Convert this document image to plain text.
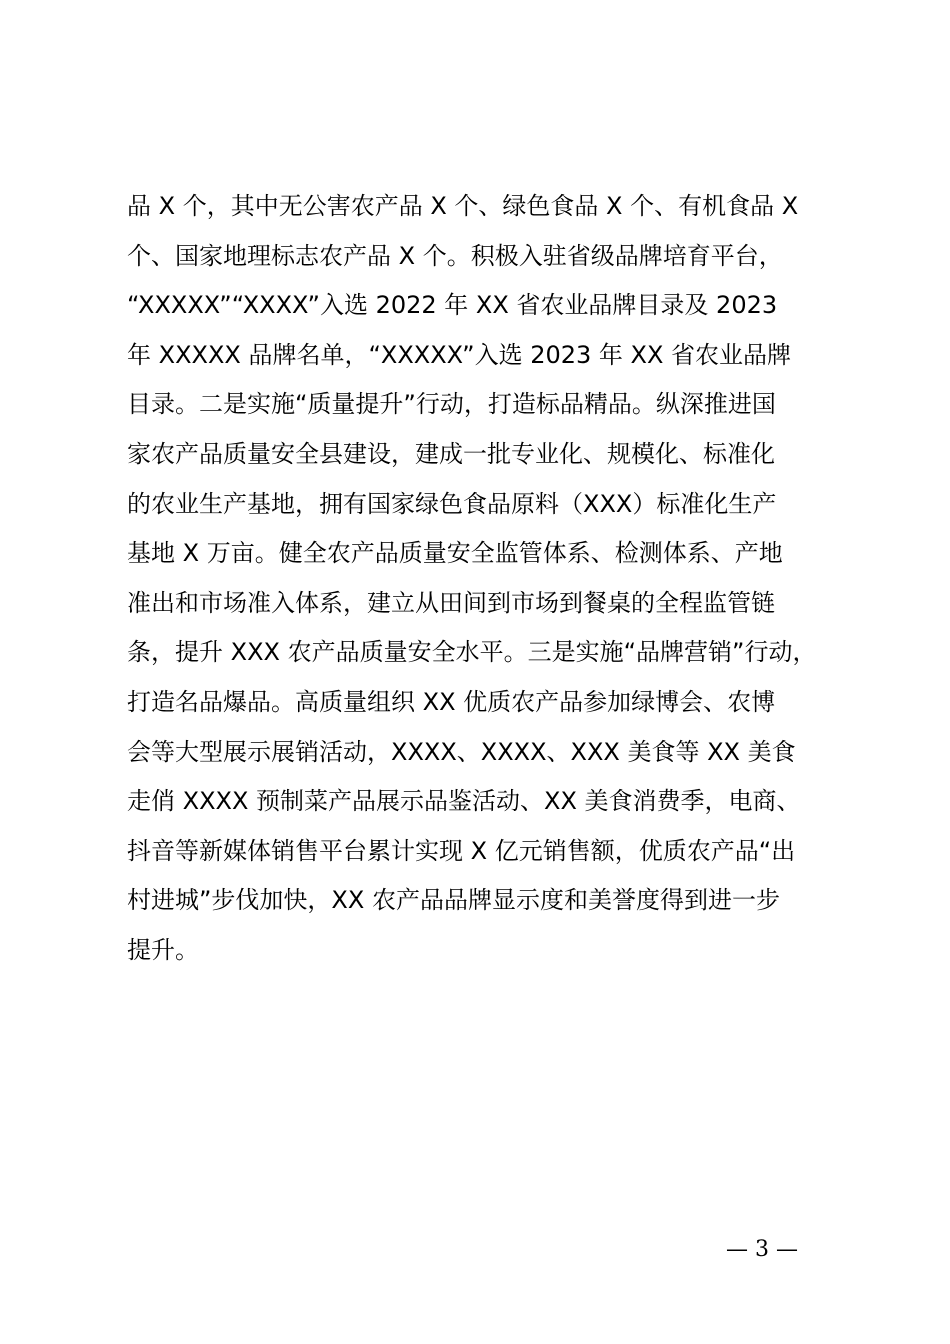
品 X 个，其中无公害农产品 X 个、绿色食品 X 个、有机食品 X
个、国家地理标志农产品 X 个。积极入驻省级品牌培育平台，
“XXXXX”“XXXX”入选 2022 年 XX 省农业品牌目录及 2023
年 XXXXX 品牌名单，“XXXXX”入选 2023 年 XX 省农业品牌
目录。二是实施“质量提升”行动，打造标品精品。纵深推进国
家农产品质量安全县建设，建成一批专业化、规模化、标准化
的农业生产基地，拥有国家绿色食品原料（XXX）标准化生产
基地 X 万亩。健全农产品质量安全监管体系、检测体系、产地
准出和市场准入体系，建立从田间到市场到餐桌的全程监管链
条，提升 XXX 农产品质量安全水平。三是实施“品牌营销”行动，
打造名品爆品。高质量组织 XX 优质农产品参加绿博会、农博
会等大型展示展销活动，XXXX、XXXX、XXX 美食等 XX 美食
走俏 XXXX 预制菜产品展示品鉴活动、XX 美食消费季，电商、
抖音等新媒体销售平台累计实现 X 亿元销售额，优质农产品“出
村进城”步伐加快，XX 农产品品牌显示度和美誉度得到进一步
提升。
— 3 —
